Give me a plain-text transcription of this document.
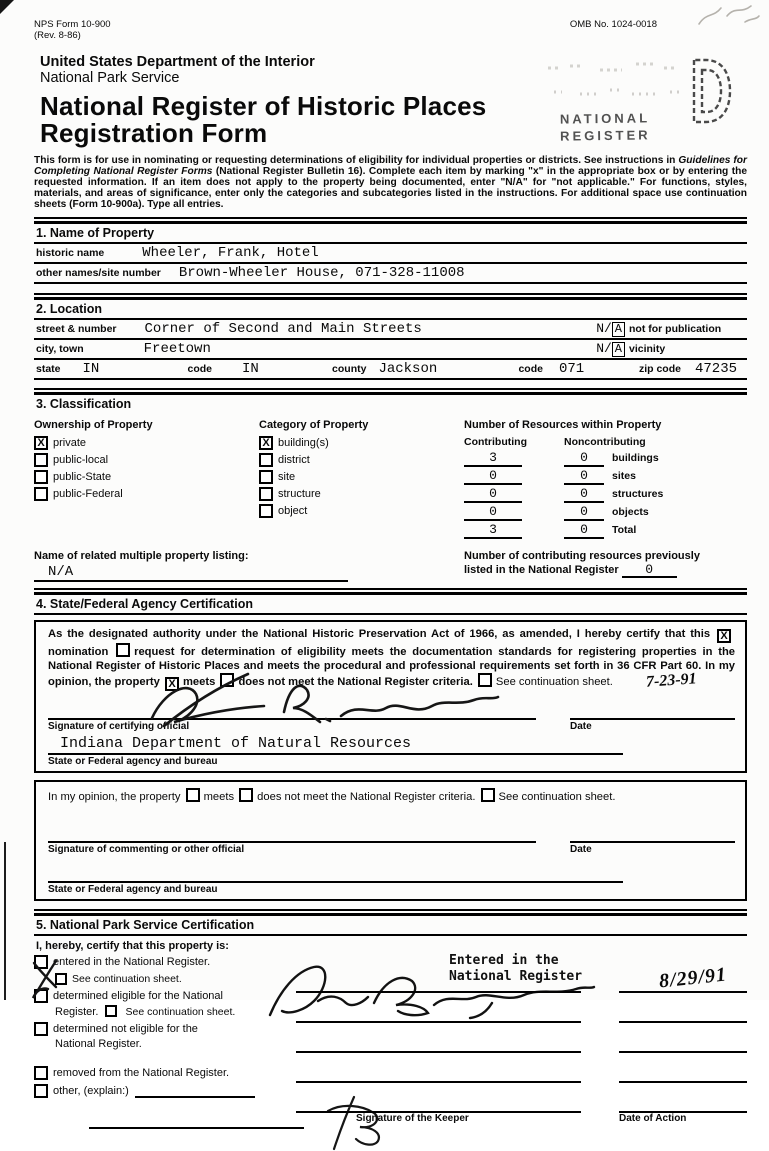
NATIONAL
REGISTER
NPS Form 10-900
(Rev. 8-86)
OMB No. 1024-0018
United States Department of the Interior
National Park Service
National Register of Historic Places
Registration Form
This form is for use in nominating or requesting determinations of eligibility for individual properties or districts. See instructions in Guidelines for Completing National Register Forms (National Register Bulletin 16). Complete each item by marking "x" in the appropriate box or by entering the requested information. If an item does not apply to the property being documented, enter "N/A" for "not applicable." For functions, styles, materials, and areas of significance, enter only the categories and subcategories listed in the instructions. For additional space use continuation sheets (Form 10-900a). Type all entries.
1. Name of Property
historic name	Wheeler, Frank, Hotel
other names/site number	Brown-Wheeler House, 071-328-11008
2. Location
street & number	Corner of Second and Main Streets	N/ A not for publication
city, town	Freetown	N/ A vicinity
state	IN	code	IN	county Jackson	code	071	zip code	47235
3. Classification
Ownership of Property
X private
public-local
public-State
public-Federal
Category of Property
X building(s)
district
site
structure
object
Number of Resources within Property
Contributing	Noncontributing
3	0	buildings
0	0	sites
0	0	structures
0	0	objects
3	0	Total
Name of related multiple property listing:
N/A
Number of contributing resources previously
listed in the National Register 0
4. State/Federal Agency Certification
As the designated authority under the National Historic Preservation Act of 1966, as amended, I hereby certify that this Xnomination request for determination of eligibility meets the documentation standards for registering properties in the National Register of Historic Places and meets the procedural and professional requirements set forth in 36 CFR Part 60. In my opinion, the property X meets does not meet the National Register criteria. See continuation sheet.
Signature of certifying official	Date
Indiana Department of Natural Resources
State or Federal agency and bureau
7-23-91
In my opinion, the property meets does not meet the National Register criteria. See continuation sheet.
Signature of commenting or other official	Date
State or Federal agency and bureau
5. National Park Service Certification
I, hereby, certify that this property is:
entered in the National Register.
See continuation sheet.
determined eligible for the National
Register.	See continuation sheet.
determined not eligible for the
National Register.
removed from the National Register.
other, (explain:)
Entered in the
National Register	8/29/91
Signature of the Keeper	Date of Action
